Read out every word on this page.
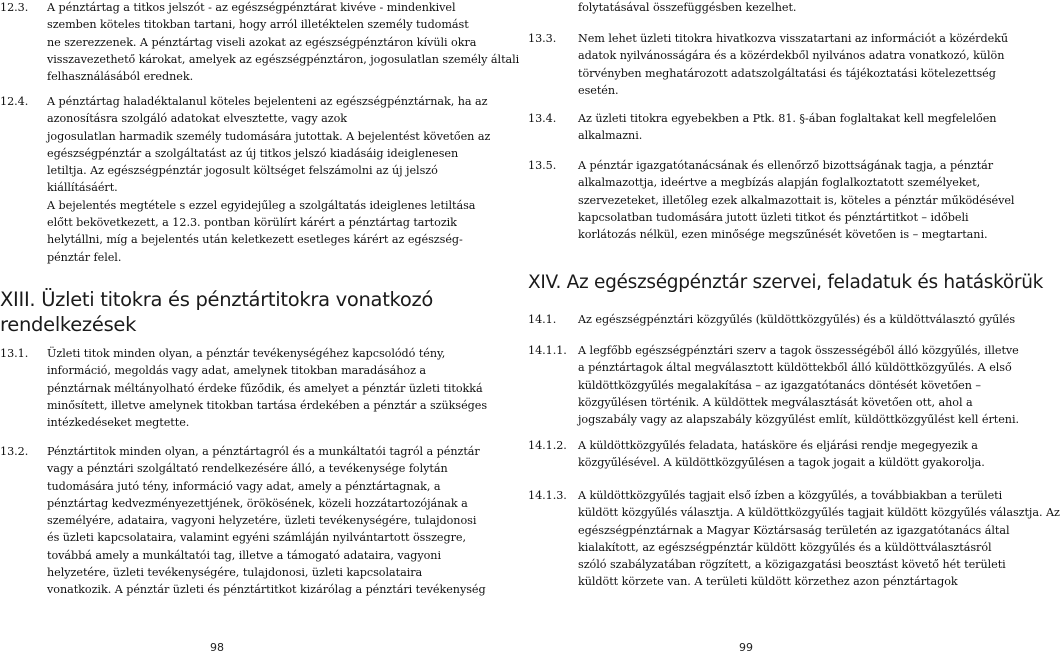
12.3. A pénztártag a titkos jelszót - az egészségpénztárat kivéve - mindenkivel
szemben köteles titokban tartani, hogy arról illetéktelen személy tudomást
ne szerezzenek. A pénztártag viseli azokat az egészségpénztáron kívüli okra
visszavezethető károkat, amelyek az egészségpénztáron, jogosulatlan személy általi
felhasználásából erednek.
12.4. A pénztártag haladéktalanul köteles bejelenteni az egészségpénztárnak, ha az
azonosításra szolgáló adatokat elvesztette, vagy azok
jogosulatlan harmadik személy tudomására jutottak. A bejelentést követően az
egészségpénztár a szolgáltatást az új titkos jelszó kiadásáig ideiglenesen
letiltja. Az egészségpénztár jogosult költséget felszámolni az új jelszó
kiállításáért.
A bejelentés megtétele s ezzel egyidejűleg a szolgáltatás ideiglenes letiltása
előtt bekövetkezett, a 12.3. pontban körülírt kárért a pénztártag tartozik
helytállni, míg a bejelentés után keletkezett esetleges kárért az egészség-
pénztár felel.
XIII. Üzleti titokra és pénztártitokra vonatkozó
rendelkezések
13.1. Üzleti titok minden olyan, a pénztár tevékenységéhez kapcsolódó tény,
információ, megoldás vagy adat, amelynek titokban maradásához a
pénztárnak méltányolható érdeke fűződik, és amelyet a pénztár üzleti titokká
minősített, illetve amelynek titokban tartása érdekében a pénztár a szükséges
intézkedéseket megtette.
13.2. Pénztártitok minden olyan, a pénztártagról és a munkáltatói tagról a pénztár
vagy a pénztári szolgáltató rendelkezésére álló, a tevékenysége folytán
tudomására jutó tény, információ vagy adat, amely a pénztártagnak, a
pénztártag kedvezményezettjének, örökösének, közeli hozzátartozójának a
személyére, adataira, vagyoni helyzetére, üzleti tevékenységére, tulajdonosi
és üzleti kapcsolataira, valamint egyéni számláján nyilvántartott összegre,
továbbá amely a munkáltatói tag, illetve a támogató adataira, vagyoni
helyzetére, üzleti tevékenységére, tulajdonosi, üzleti kapcsolataira
vonatkozik. A pénztár üzleti és pénztártitkot kizárólag a pénztári tevékenység
98
folytatásával összefüggésben kezelhet.
13.3. Nem lehet üzleti titokra hivatkozva visszatartani az információt a közérdekű
adatok nyilvánosságára és a közérdekből nyilvános adatra vonatkozó, külön
törvényben meghatározott adatszolgáltatási és tájékoztatási kötelezettség
esetén.
13.4. Az üzleti titokra egyebekben a Ptk. 81. §-ában foglaltakat kell megfelelően
alkalmazni.
13.5. A pénztár igazgatótanácsának és ellenőrző bizottságának tagja, a pénztár
alkalmazottja, ideértve a megbízás alapján foglalkoztatott személyeket,
szervezeteket, illetőleg ezek alkalmazottait is, köteles a pénztár működésével
kapcsolatban tudomására jutott üzleti titkot és pénztártitkot – időbeli
korlátozás nélkül, ezen minősége megszűnését követően is – megtartani.
XIV. Az egészségpénztár szervei, feladatuk és hatáskörük
14.1. Az egészségpénztári közgyűlés (küldöttközgyűlés) és a küldöttválasztó gyűlés
14.1.1. A legfőbb egészségpénztári szerv a tagok összességéből álló közgyűlés, illetve
a pénztártagok által megválasztott küldöttekből álló küldöttközgyűlés. A első
küldöttközgyűlés megalakítása – az igazgatótanács döntését követően –
közgyűlésen történik. A küldöttek megválasztását követően ott, ahol a
jogszabály vagy az alapszabály közgyűlést említ, küldöttközgyűlést kell érteni.
14.1.2. A küldöttközgyűlés feladata, hatásköre és eljárási rendje megegyezik a
közgyűlésével. A küldöttközgyűlésen a tagok jogait a küldött gyakorolja.
14.1.3. A küldöttközgyűlés tagjait első ízben a közgyűlés, a továbbiakban a területi
küldött közgyűlés választja. A küldöttközgyűlés tagjait küldött közgyűlés választja. Az
egészségpénztárnak a Magyar Köztársaság területén az igazgatótanács által
kialakított, az egészségpénztár küldött közgyűlés és a küldöttválasztásról
szóló szabályzatában rögzített, a közigazgatási beosztást követő hét területi
küldött körzete van. A területi küldött körzethez azon pénztártagok
99
